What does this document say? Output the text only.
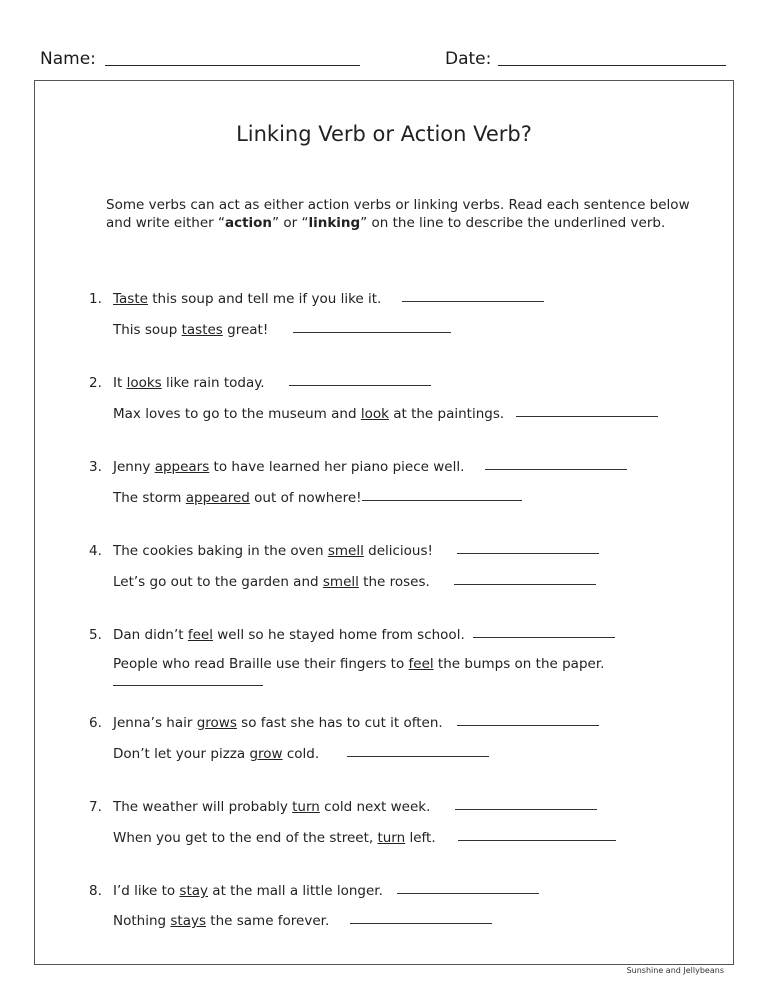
Name:	Date:
Linking Verb or Action Verb?
Some verbs can act as either action verbs or linking verbs. Read each sentence below and write either “action” or “linking” on the line to describe the underlined verb.
1. Taste this soup and tell me if you like it.
This soup tastes great!
2. It looks like rain today.
Max loves to go to the museum and look at the paintings.
3. Jenny appears to have learned her piano piece well.
The storm appeared out of nowhere!
4. The cookies baking in the oven smell delicious!
Let’s go out to the garden and smell the roses.
5. Dan didn’t feel well so he stayed home from school.
People who read Braille use their fingers to feel the bumps on the paper.
6. Jenna’s hair grows so fast she has to cut it often.
Don’t let your pizza grow cold.
7. The weather will probably turn cold next week.
When you get to the end of the street, turn left.
8. I’d like to stay at the mall a little longer.
Nothing stays the same forever.
Sunshine and Jellybeans
